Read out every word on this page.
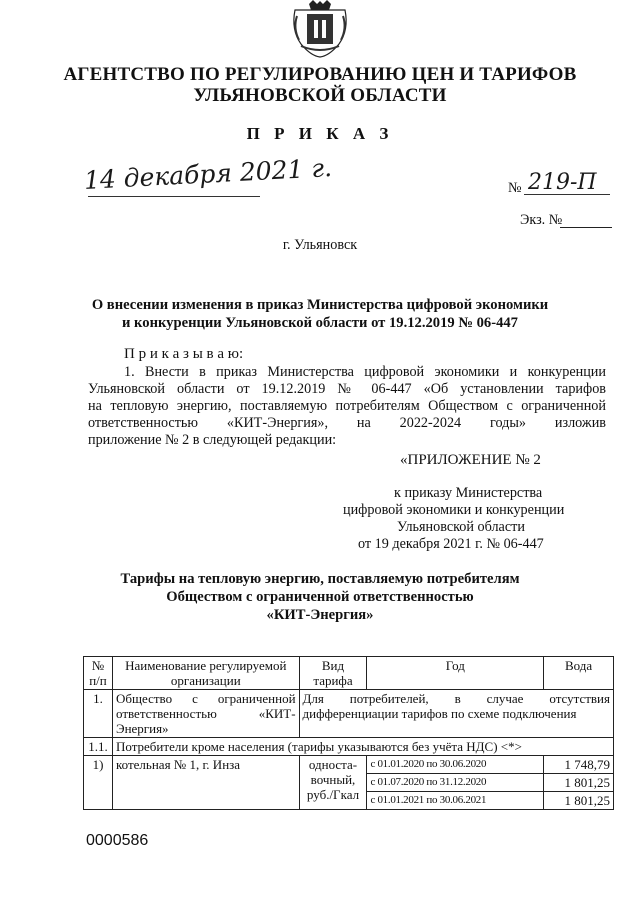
АГЕНТСТВО ПО РЕГУЛИРОВАНИЮ ЦЕН И ТАРИФОВ
УЛЬЯНОВСКОЙ ОБЛАСТИ
П Р И К А З
14 декабря 2021 г.	№ 219-П
Экз. №
г. Ульяновск
О внесении изменения в приказ Министерства цифровой экономики
и конкуренции Ульяновской области от 19.12.2019 № 06-447
П р и к а з ы в а ю:
1. Внести в приказ Министерства цифровой экономики и конкуренции
Ульяновской области от 19.12.2019 № 06-447 «Об установлении тарифов
на тепловую энергию, поставляемую потребителям Обществом с ограниченной
ответственностью «КИТ-Энергия», на 2022-2024 годы» изложив
приложение № 2 в следующей редакции:
«ПРИЛОЖЕНИЕ № 2
к приказу Министерства
цифровой экономики и конкуренции
Ульяновской области
от 19 декабря 2021 г. № 06-447
Тарифы на тепловую энергию, поставляемую потребителям
Обществом с ограниченной ответственностью
«КИТ-Энергия»
№ п/п	Наименование регулируемой организации	Вид тарифа	Год	Вода
1.	Общество с ограниченной ответственностью «КИТ-Энергия»	Для потребителей, в случае отсутствия дифференциации тарифов по схеме подключения		
1.1.	Потребители кроме населения (тарифы указываются без учёта НДС) <*>			
1)	котельная № 1, г. Инза	односта-вочный, руб./Гкал	с 01.01.2020 по 30.06.2020	1 748,79
			с 01.07.2020 по 31.12.2020	1 801,25
			с 01.01.2021 по 30.06.2021	1 801,25
0000586
